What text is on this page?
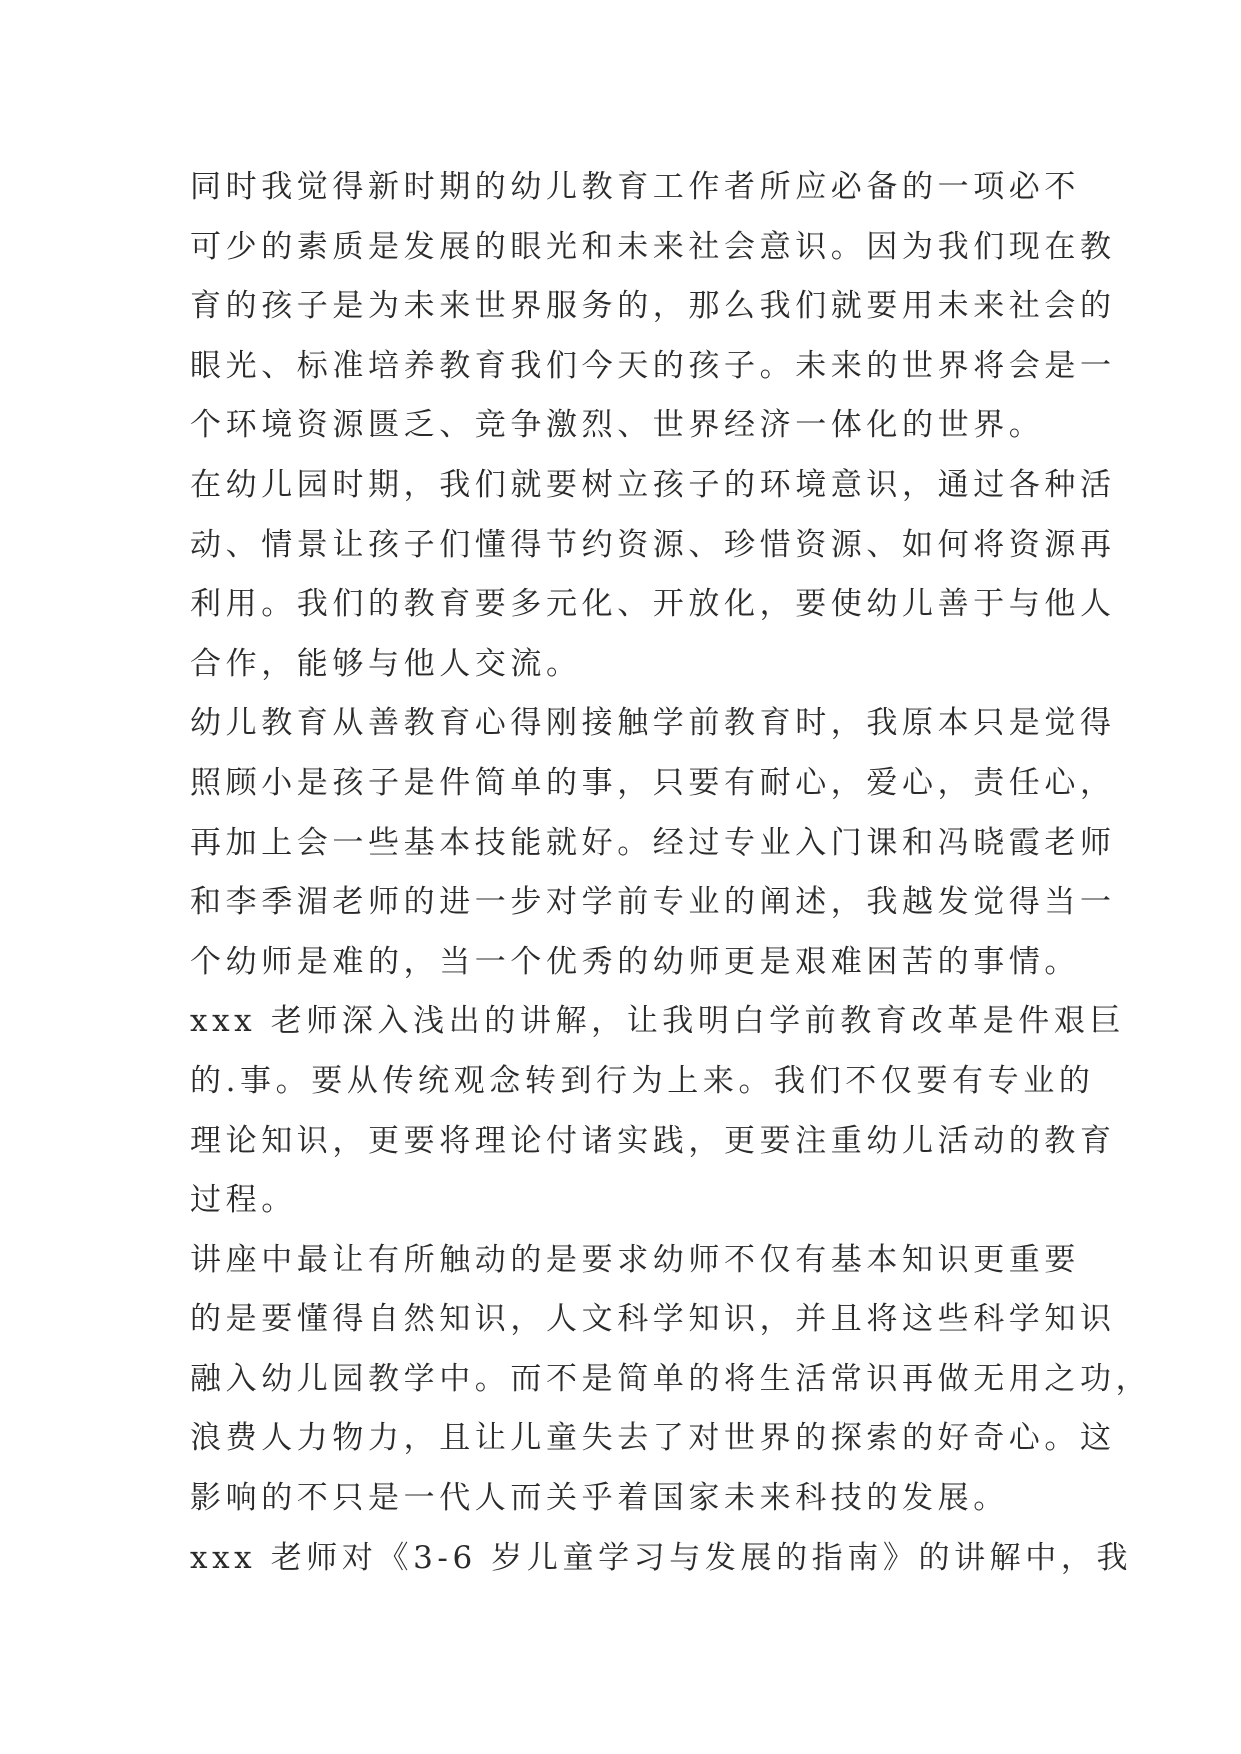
同时我觉得新时期的幼儿教育工作者所应必备的一项必不
可少的素质是发展的眼光和未来社会意识。因为我们现在教
育的孩子是为未来世界服务的，那么我们就要用未来社会的
眼光、标准培养教育我们今天的孩子。未来的世界将会是一
个环境资源匮乏、竞争激烈、世界经济一体化的世界。
在幼儿园时期，我们就要树立孩子的环境意识，通过各种活
动、情景让孩子们懂得节约资源、珍惜资源、如何将资源再
利用。我们的教育要多元化、开放化，要使幼儿善于与他人
合作，能够与他人交流。
幼儿教育从善教育心得刚接触学前教育时，我原本只是觉得
照顾小是孩子是件简单的事，只要有耐心，爱心，责任心，
再加上会一些基本技能就好。经过专业入门课和冯晓霞老师
和李季湄老师的进一步对学前专业的阐述，我越发觉得当一
个幼师是难的，当一个优秀的幼师更是艰难困苦的事情。
xxx 老师深入浅出的讲解，让我明白学前教育改革是件艰巨
的.事。要从传统观念转到行为上来。我们不仅要有专业的
理论知识，更要将理论付诸实践，更要注重幼儿活动的教育
过程。
讲座中最让有所触动的是要求幼师不仅有基本知识更重要
的是要懂得自然知识，人文科学知识，并且将这些科学知识
融入幼儿园教学中。而不是简单的将生活常识再做无用之功，
浪费人力物力，且让儿童失去了对世界的探索的好奇心。这
影响的不只是一代人而关乎着国家未来科技的发展。
xxx 老师对《3-6 岁儿童学习与发展的指南》的讲解中，我
